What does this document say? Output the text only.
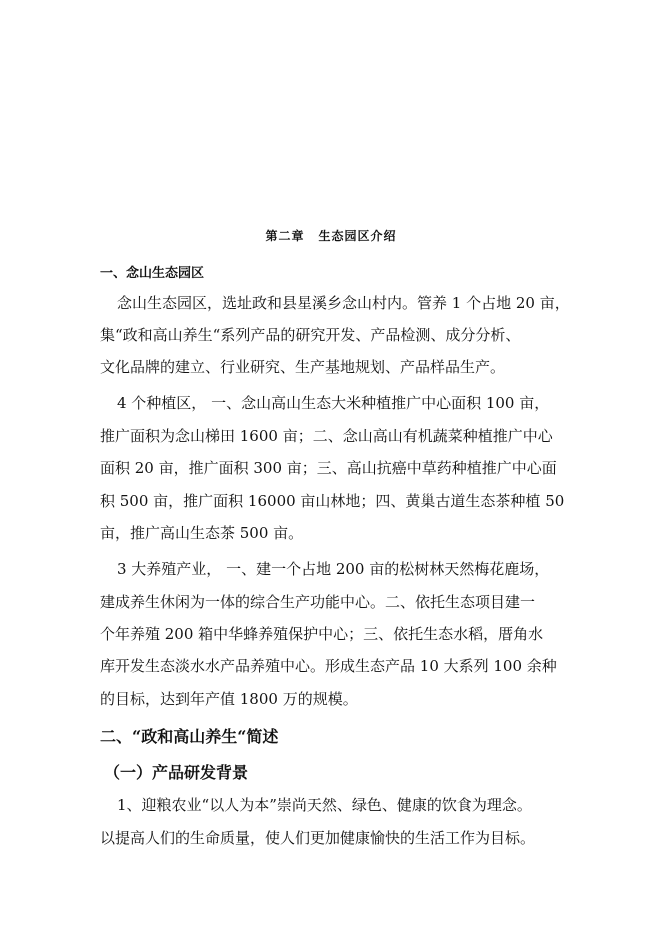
第二章 生态园区介绍
一、念山生态园区
念山生态园区，选址政和县星溪乡念山村内。管养 1 个占地 20 亩，
集“政和高山养生“系列产品的研究开发、产品检测、成分分析、
文化品牌的建立、行业研究、生产基地规划、产品样品生产。
4 个种植区， 一、念山高山生态大米种植推广中心面积 100 亩，
推广面积为念山梯田 1600 亩；二、念山高山有机蔬菜种植推广中心
面积 20 亩，推广面积 300 亩；三、高山抗癌中草药种植推广中心面
积 500 亩，推广面积 16000 亩山林地；四、黄巢古道生态茶种植 50
亩，推广高山生态茶 500 亩。
3 大养殖产业， 一、建一个占地 200 亩的松树林天然梅花鹿场，
建成养生休闲为一体的综合生产功能中心。二、依托生态项目建一
个年养殖 200 箱中华蜂养殖保护中心；三、依托生态水稻，厝角水
库开发生态淡水水产品养殖中心。形成生态产品 10 大系列 100 余种
的目标，达到年产值 1800 万的规模。
二、“政和高山养生“简述
（一）产品研发背景
1、迎粮农业“以人为本”崇尚天然、绿色、健康的饮食为理念。
以提高人们的生命质量，使人们更加健康愉快的生活工作为目标。
